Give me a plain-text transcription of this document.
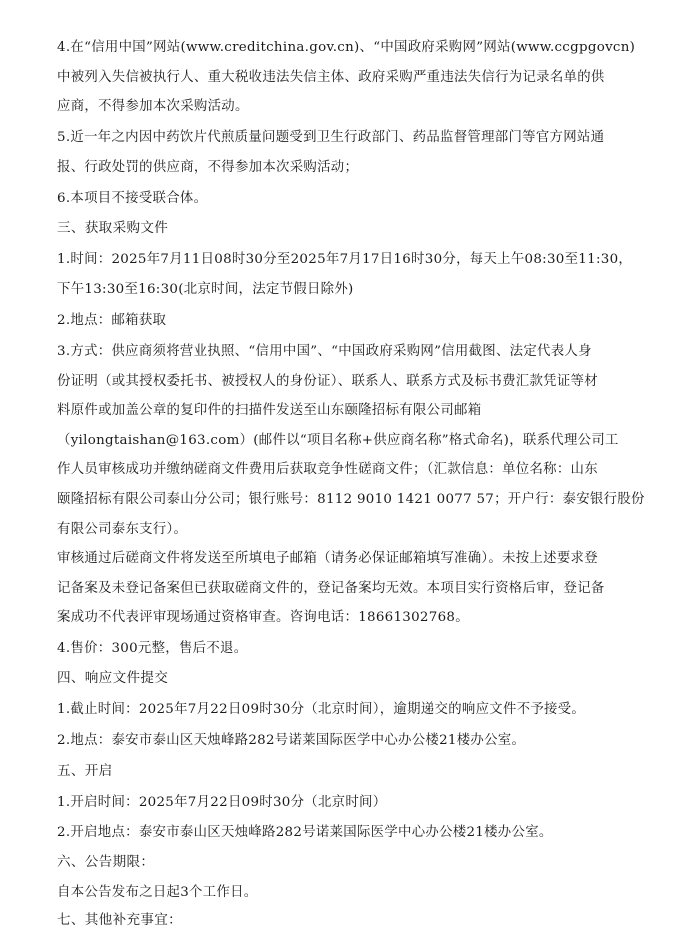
4.在“信用中国”网站(www.creditchina.gov.cn)、“中国政府采购网”网站(www.ccgpgovcn)
中被列入失信被执行人、重大税收违法失信主体、政府采购严重违法失信行为记录名单的供
应商，不得参加本次采购活动。
5.近一年之内因中药饮片代煎质量问题受到卫生行政部门、药品监督管理部门等官方网站通
报、行政处罚的供应商，不得参加本次采购活动；
6.本项目不接受联合体。
三、获取采购文件
1.时间：2025年7月11日08时30分至2025年7月17日16时30分，每天上午08:30至11:30，
下午13:30至16:30(北京时间，法定节假日除外)
2.地点：邮箱获取
3.方式：供应商须将营业执照、“信用中国”、“中国政府采购网”信用截图、法定代表人身
份证明（或其授权委托书、被授权人的身份证）、联系人、联系方式及标书费汇款凭证等材
料原件或加盖公章的复印件的扫描件发送至山东颐隆招标有限公司邮箱
（yilongtaishan@163.com）(邮件以“项目名称+供应商名称”格式命名)，联系代理公司工
作人员审核成功并缴纳磋商文件费用后获取竞争性磋商文件；（汇款信息：单位名称：山东
颐隆招标有限公司泰山分公司；银行账号：8112 9010 1421 0077 57；开户行：泰安银行股份
有限公司泰东支行）。
审核通过后磋商文件将发送至所填电子邮箱（请务必保证邮箱填写准确）。未按上述要求登
记备案及未登记备案但已获取磋商文件的，登记备案均无效。本项目实行资格后审，登记备
案成功不代表评审现场通过资格审查。咨询电话：18661302768。
4.售价：300元整，售后不退。
四、响应文件提交
1.截止时间：2025年7月22日09时30分（北京时间），逾期递交的响应文件不予接受。
2.地点：泰安市泰山区天烛峰路282号诺莱国际医学中心办公楼21楼办公室。
五、开启
1.开启时间：2025年7月22日09时30分（北京时间）
2.开启地点：泰安市泰山区天烛峰路282号诺莱国际医学中心办公楼21楼办公室。
六、公告期限：
自本公告发布之日起3个工作日。
七、其他补充事宜：
